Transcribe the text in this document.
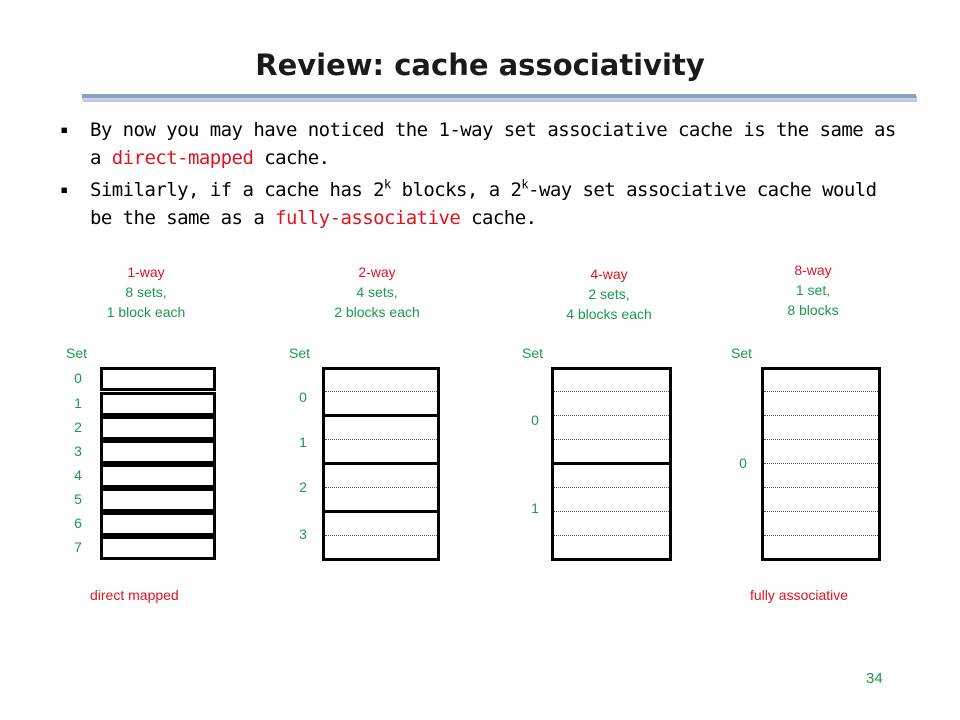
Review: cache associativity
▪	By now you may have noticed the 1-way set associative cache is the same as a direct-mapped cache.
▪	Similarly, if a cache has 2$^k$ blocks, a 2$^k$-way set associative cache would be the same as a fully-associative cache.
1-way
8 sets,
1 block each
Set
0
1
2
3
4
5
6
7
direct mapped
2-way
4 sets,
2 blocks each
Set
0
1
2
3
4-way
2 sets,
4 blocks each
Set
0
1
8-way
1 set,
8 blocks
Set
0
fully associative
34
